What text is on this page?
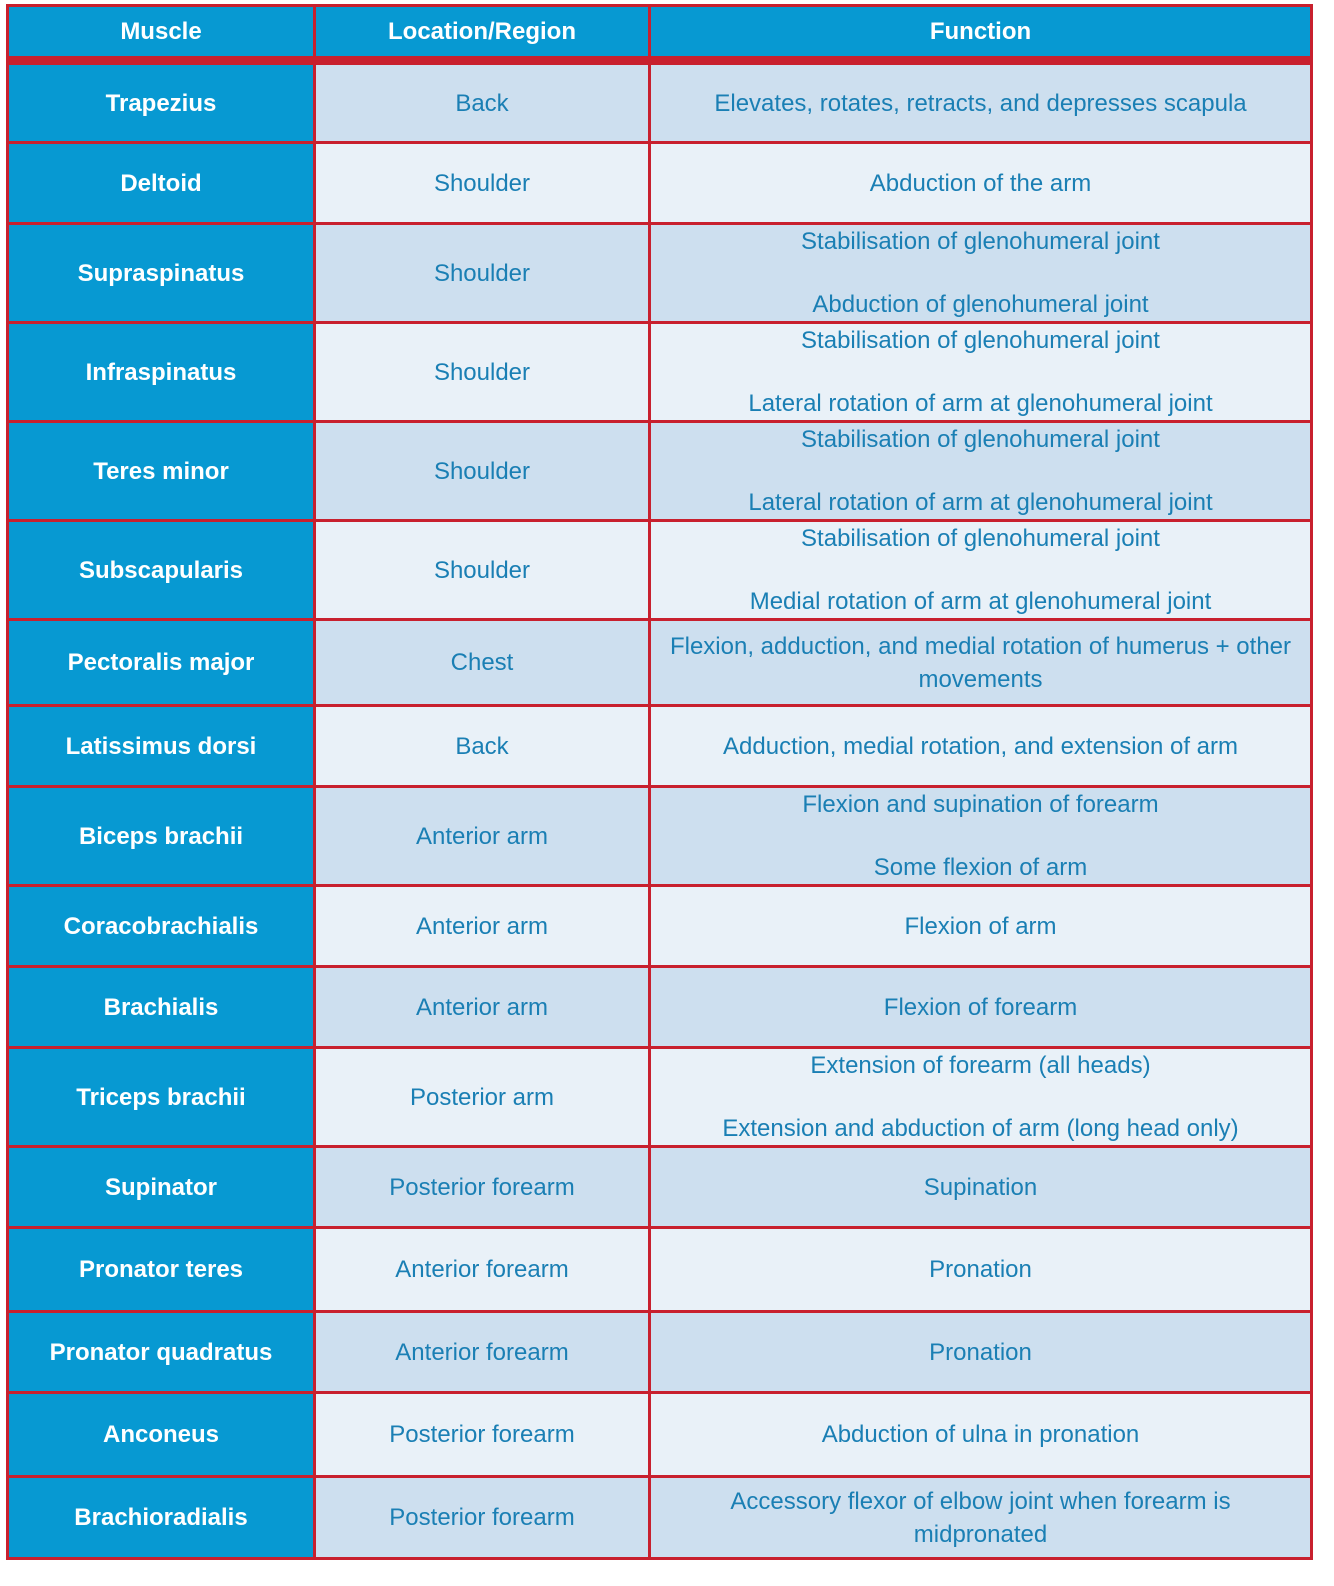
Muscle	Location/Region	Function
Trapezius	Back	Elevates, rotates, retracts, and depresses scapula

Deltoid	Shoulder	Abduction of the arm

Supraspinatus	Shoulder	Stabilisation of glenohumeral joint
Abduction of glenohumeral joint

Infraspinatus	Shoulder	Stabilisation of glenohumeral joint
Lateral rotation of arm at glenohumeral joint

Teres minor	Shoulder	Stabilisation of glenohumeral joint
Lateral rotation of arm at glenohumeral joint

Subscapularis	Shoulder	Stabilisation of glenohumeral joint
Medial rotation of arm at glenohumeral joint

Pectoralis major	Chest	Flexion, adduction, and medial rotation of humerus + other movements

Latissimus dorsi	Back	Adduction, medial rotation, and extension of arm

Biceps brachii	Anterior arm	Flexion and supination of forearm
Some flexion of arm

Coracobrachialis	Anterior arm	Flexion of arm

Brachialis	Anterior arm	Flexion of forearm

Triceps brachii	Posterior arm	Extension of forearm (all heads)
Extension and abduction of arm (long head only)

Supinator	Posterior forearm	Supination

Pronator teres	Anterior forearm	Pronation

Pronator quadratus	Anterior forearm	Pronation

Anconeus	Posterior forearm	Abduction of ulna in pronation

Brachioradialis	Posterior forearm	Accessory flexor of elbow joint when forearm is midpronated
